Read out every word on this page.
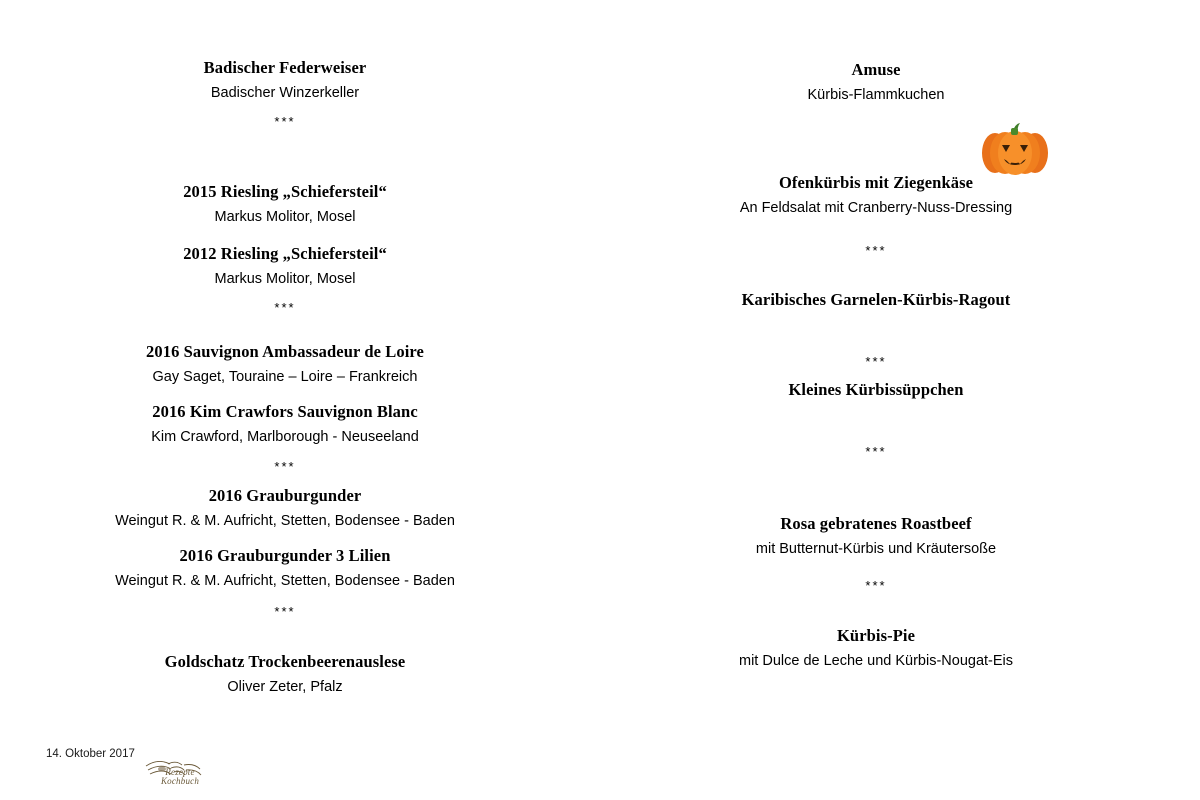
Badischer Federweiser
Badischer Winzerkeller
***
2015 Riesling „Schiefersteil“
Markus Molitor, Mosel
2012 Riesling „Schiefersteil“
Markus Molitor, Mosel
***
2016 Sauvignon Ambassadeur de Loire
Gay Saget, Touraine – Loire – Frankreich
2016 Kim Crawfors Sauvignon Blanc
Kim Crawford, Marlborough - Neuseeland
***
2016 Grauburgunder
Weingut R. & M. Aufricht, Stetten, Bodensee - Baden
2016 Grauburgunder 3 Lilien
Weingut R. & M. Aufricht, Stetten, Bodensee - Baden
***
Goldschatz Trockenbeerenauslese
Oliver Zeter, Pfalz
Amuse
Kürbis-Flammkuchen
Ofenkürbis mit Ziegenkäse
An Feldsalat mit Cranberry-Nuss-Dressing
***
Karibisches Garnelen-Kürbis-Ragout
***
Kleines Kürbissüppchen
***
Rosa gebratenes Roastbeef
mit Butternut-Kürbis und Kräutersoße
***
Kürbis-Pie
mit Dulce de Leche und Kürbis-Nougat-Eis
14. Oktober 2017
Rezepte
Kochbuch
